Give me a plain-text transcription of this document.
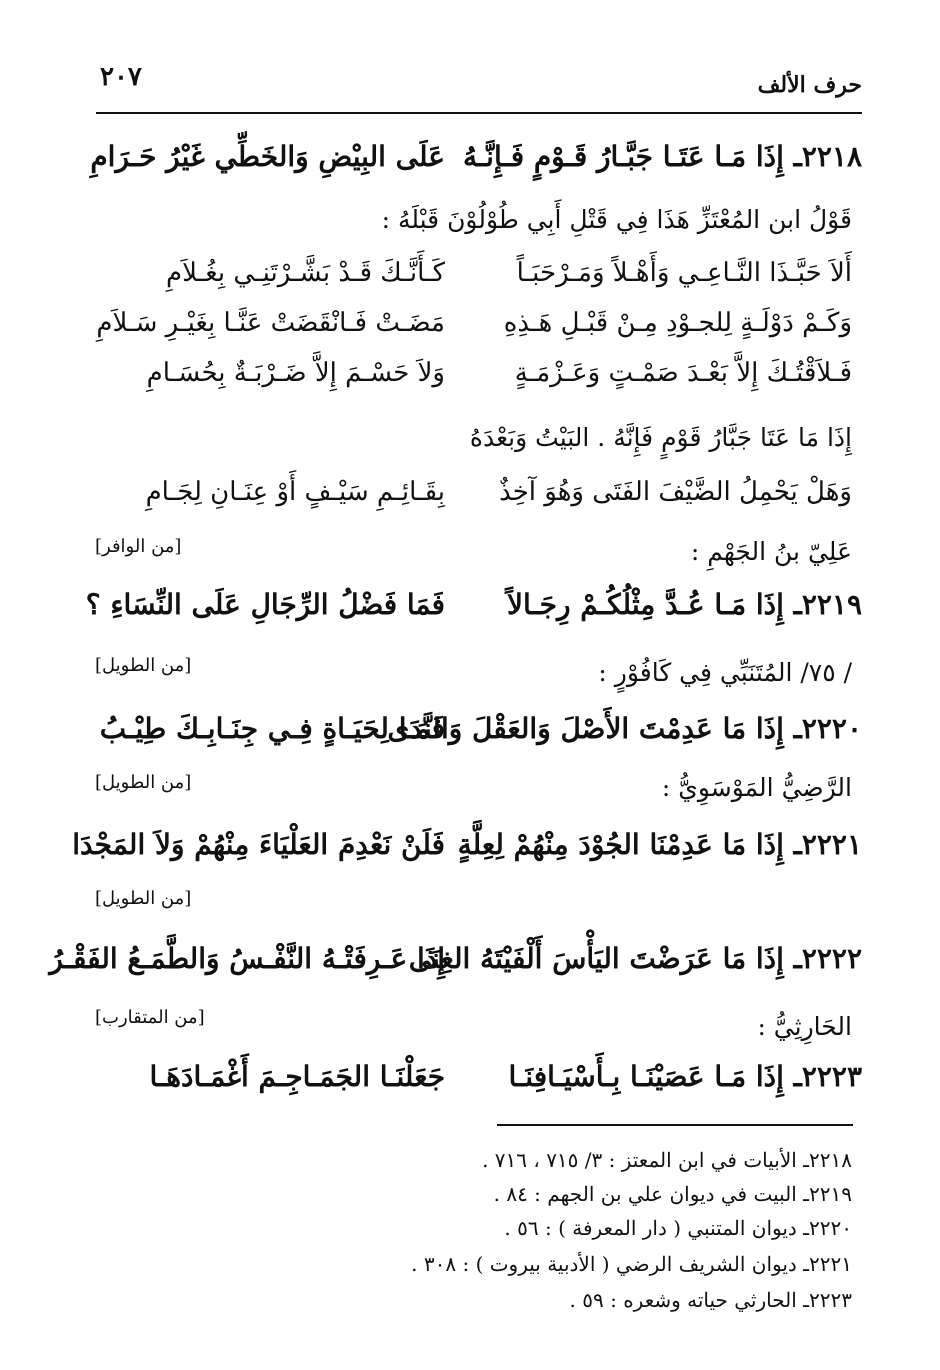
حرف الألف
٢٠٧
٢٢١٨ـ إِذَا مَـا عَتَـا جَبَّـارُ قَـوْمٍ فَـإِنَّـهُ
عَلَى البِيْضِ وَالخَطِّي غَيْرُ حَـرَامِ
قَوْلُ ابن المُعْتَزِّ هَذَا فِي قَتْلِ أَبِي طُوْلُوْنَ قَبْلَهُ :
أَلاَ حَبَّـذَا النَّـاعِـي وَأَهْـلاً وَمَـرْحَبَـاً
كَـأَنَّـكَ قَـدْ بَشَّـرْتَنِـي بِغُـلاَمِ
وَكَـمْ دَوْلَـةٍ لِلجـوْدِ مِـنْ قَبْـلِ هَـذِهِ
مَضَـتْ فَـانْقَضَتْ عَنَّـا بِغَيْـرِ سَـلاَمِ
فَـلاَقْتُـكَ إِلاَّ بَعْـدَ صَمْـتٍ وَعَـزْمَـةٍ
وَلاَ حَسْـمَ إِلاَّ ضَـرْبَـةٌ بِحُسَـامِ
إِذَا مَا عَتَا جَبَّارُ قَوْمٍ فَإِنَّهُ . البَيْتُ وَبَعْدَهُ
وَهَلْ يَحْمِلُ الضَّيْفَ الفَتَى وَهُوَ آخِذٌ
بِقَـائِـمِ سَيْـفٍ أَوْ عِنَـانِ لِجَـامِ
عَلِيّ بنُ الجَهْمِ :
[من الوافر]
٢٢١٩ـ إِذَا مَـا عُـدَّ مِثْلُكُـمْ رِجَـالاً
فَمَا فَضْلُ الرِّجَالِ عَلَى النِّسَاءِ ؟
/ ٧٥/ المُتَنَبِّي فِي كَافُوْرٍ :
[من الطويل]
٢٢٢٠ـ إِذَا مَا عَدِمْتَ الأَصْلَ وَالعَقْلَ وَالنَّدَى
فَمَـا لِحَيَـاةٍ فِـي جِنَـابِـكَ طِيْـبُ
الرَّضِيُّ المَوْسَوِيُّ :
[من الطويل]
٢٢٢١ـ إِذَا مَا عَدِمْنَا الجُوْدَ مِنْهُمْ لِعِلَّةٍ
فَلَنْ نَعْدِمَ العَلْيَاءَ مِنْهُمْ وَلاَ المَجْدَا
[من الطويل]
٢٢٢٢ـ إِذَا مَا عَرَضْتَ اليَأْسَ أَلْفَيْتَهُ الغِنَى
إِذَا عَـرِفَتْـهُ النَّفْـسُ وَالطَّمَـعُ الفَقْـرُ
الحَارِثِيُّ :
[من المتقارب]
٢٢٢٣ـ إِذَا مَـا عَصَيْنَـا بِـأَسْيَـافِنَـا
جَعَلْنَـا الجَمَـاجِـمَ أَغْمَـادَهَـا
٢٢١٨ـ الأبيات في ابن المعتز : ٣/ ٧١٥ ، ٧١٦ .
٢٢١٩ـ البيت في ديوان علي بن الجهم : ٨٤ .
٢٢٢٠ـ ديوان المتنبي ( دار المعرفة ) : ٥٦ .
٢٢٢١ـ ديوان الشريف الرضي ( الأدبية بيروت ) : ٣٠٨ .
٢٢٢٣ـ الحارثي حياته وشعره : ٥٩ .
